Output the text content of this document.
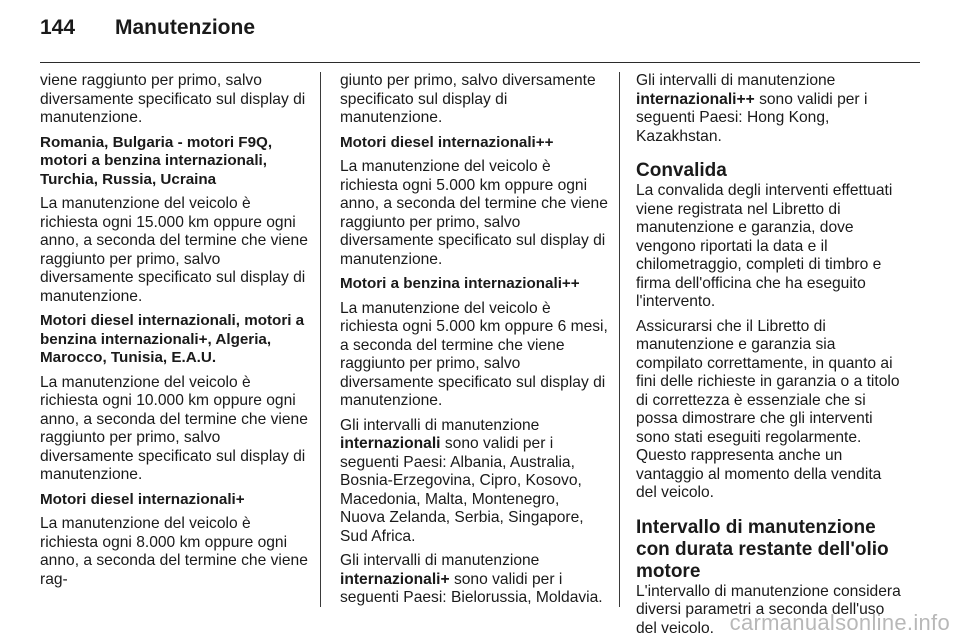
144 Manutenzione

viene raggiunto per primo, salvo diversamente specificato sul display di manutenzione.

Romania, Bulgaria - motori F9Q, motori a benzina internazionali, Turchia, Russia, Ucraina

La manutenzione del veicolo è richiesta ogni 15.000 km oppure ogni anno, a seconda del termine che viene raggiunto per primo, salvo diversamente specificato sul display di manutenzione.

Motori diesel internazionali, motori a benzina internazionali+, Algeria, Marocco, Tunisia, E.A.U.

La manutenzione del veicolo è richiesta ogni 10.000 km oppure ogni anno, a seconda del termine che viene raggiunto per primo, salvo diversamente specificato sul display di manutenzione.

Motori diesel internazionali+

La manutenzione del veicolo è richiesta ogni 8.000 km oppure ogni anno, a seconda del termine che viene rag-

giunto per primo, salvo diversamente specificato sul display di manutenzione.

Motori diesel internazionali++

La manutenzione del veicolo è richiesta ogni 5.000 km oppure ogni anno, a seconda del termine che viene raggiunto per primo, salvo diversamente specificato sul display di manutenzione.

Motori a benzina internazionali++

La manutenzione del veicolo è richiesta ogni 5.000 km oppure 6 mesi, a seconda del termine che viene raggiunto per primo, salvo diversamente specificato sul display di manutenzione.

Gli intervalli di manutenzione internazionali sono validi per i seguenti Paesi: Albania, Australia, Bosnia-Erzegovina, Cipro, Kosovo, Macedonia, Malta, Montenegro, Nuova Zelanda, Serbia, Singapore, Sud Africa.

Gli intervalli di manutenzione internazionali+ sono validi per i seguenti Paesi: Bielorussia, Moldavia.

Gli intervalli di manutenzione internazionali++ sono validi per i seguenti Paesi: Hong Kong, Kazakhstan.

Convalida

La convalida degli interventi effettuati viene registrata nel Libretto di manutenzione e garanzia, dove vengono riportati la data e il chilometraggio, completi di timbro e firma dell'officina che ha eseguito l'intervento.

Assicurarsi che il Libretto di manutenzione e garanzia sia compilato correttamente, in quanto ai fini delle richieste in garanzia o a titolo di correttezza è essenziale che si possa dimostrare che gli interventi sono stati eseguiti regolarmente. Questo rappresenta anche un vantaggio al momento della vendita del veicolo.

Intervallo di manutenzione con durata restante dell'olio motore

L'intervallo di manutenzione considera diversi parametri a seconda dell'uso del veicolo. carmanualsonline.info
